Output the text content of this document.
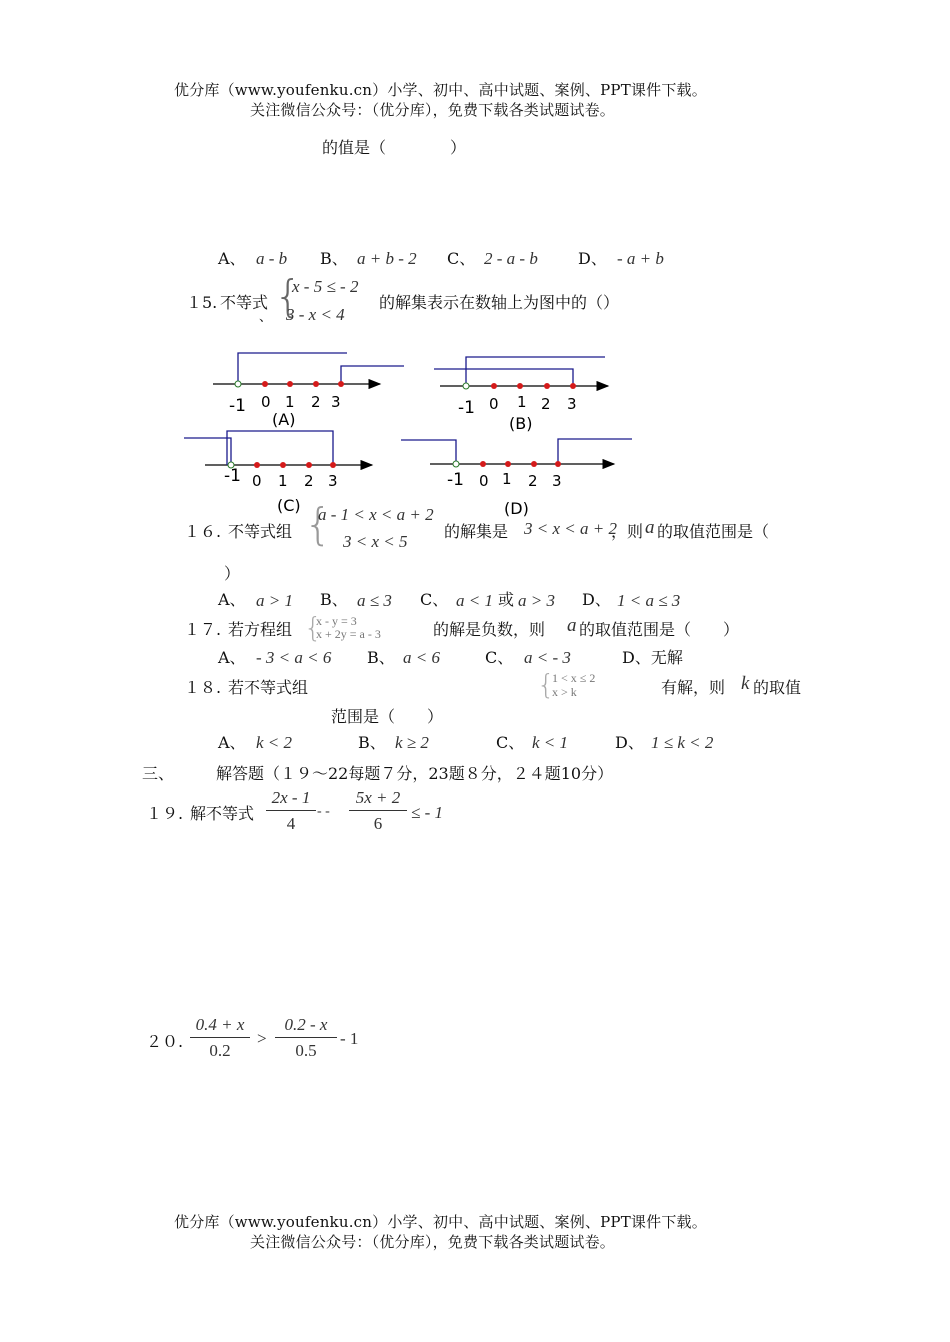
优分库（www.youfenku.cn）小学、初中、高中试题、案例、PPT课件下载。
关注微信公众号：（优分库），免费下载各类试题试卷。
的值是（　　　　）
A、 a - b B、 a + b - 2 C、 2 - a - b	D、 - a + b
１5. 不等式
、 {
x - 5 ≤ - 2
3 - x < 4
的解集表示在数轴上为图中的（）
-1 0 1 2 3
(A)
-1 0 1 2 3
(B)
-1 0 1 2 3
(C)
-1 0 1 2 3
(D)
１６. 不等式组 {
a - 1 < x < a + 2
3 < x < 5
的解集是 3 < x < a + 2
，则 a 的取值范围是（
）
A、 a > 1 B、 a ≤ 3 C、 a < 1 或 a > 3 D、 1 < a ≤ 3
１７. 若方程组 {
x - y = 3
x + 2y = a - 3	的解是负数，则 a 的取值范围是（　　）
A、 - 3 < a < 6 B、 a < 6	C、 a < - 3	D、无解
１８. 若不等式组	{
1 < x ≤ 2
x > k	有解，则 k 的取值
范围是（　　）
A、 k < 2	B、 k ≥ 2	C、 k < 1	D、 1 ≤ k < 2
三、	解答题（１９～22每题７分，23题８分，２４题10分）
１９. 解不等式
2x - 1
4
- -
5x + 2
6
≤ - 1
２０.
0.4 + x
0.2
>
0.2 - x
0.5
- 1
优分库（www.youfenku.cn）小学、初中、高中试题、案例、PPT课件下载。
关注微信公众号：（优分库），免费下载各类试题试卷。
